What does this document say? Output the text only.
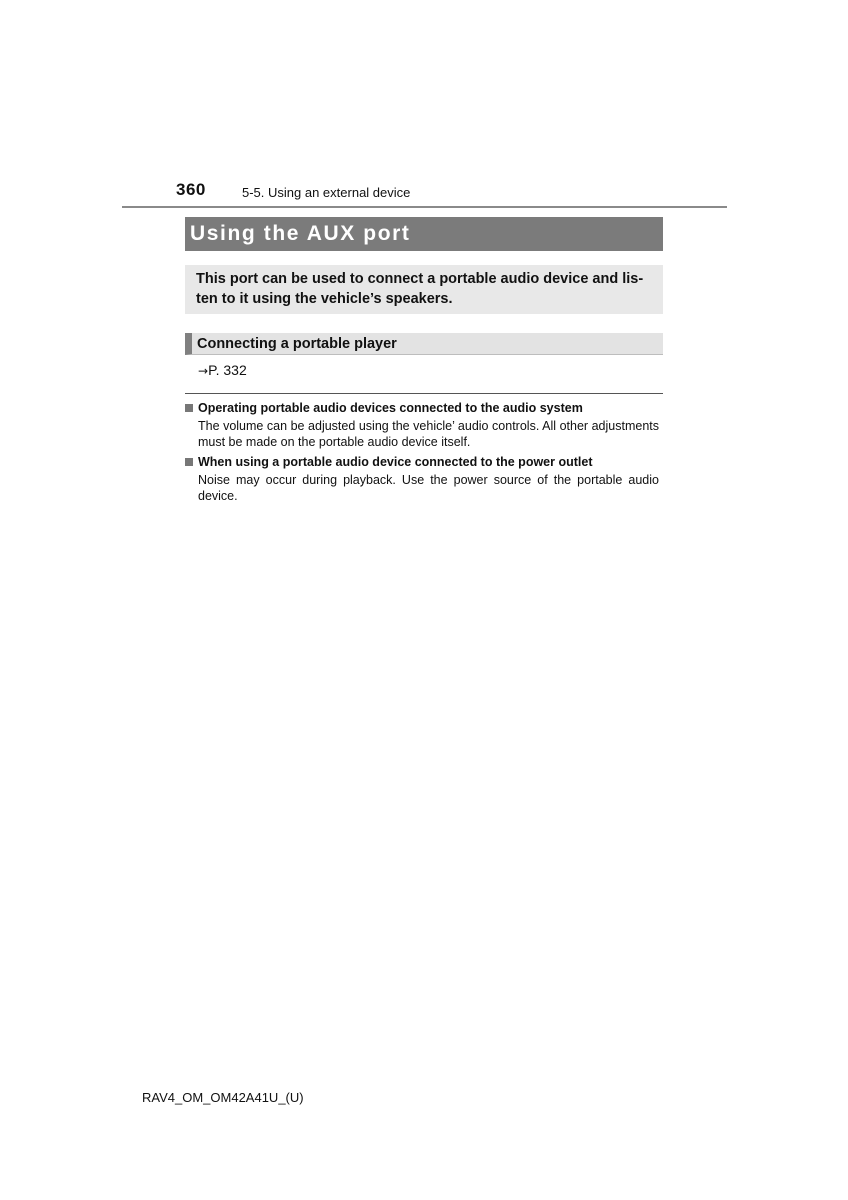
360	5-5. Using an external device
Using the AUX port
This port can be used to connect a portable audio device and lis-ten to it using the vehicle’s speakers.
Connecting a portable player
→P. 332
Operating portable audio devices connected to the audio system
The volume can be adjusted using the vehicle’ audio controls. All other adjustments must be made on the portable audio device itself.
When using a portable audio device connected to the power outlet
Noise may occur during playback. Use the power source of the portable audio device.
RAV4_OM_OM42A41U_(U)
